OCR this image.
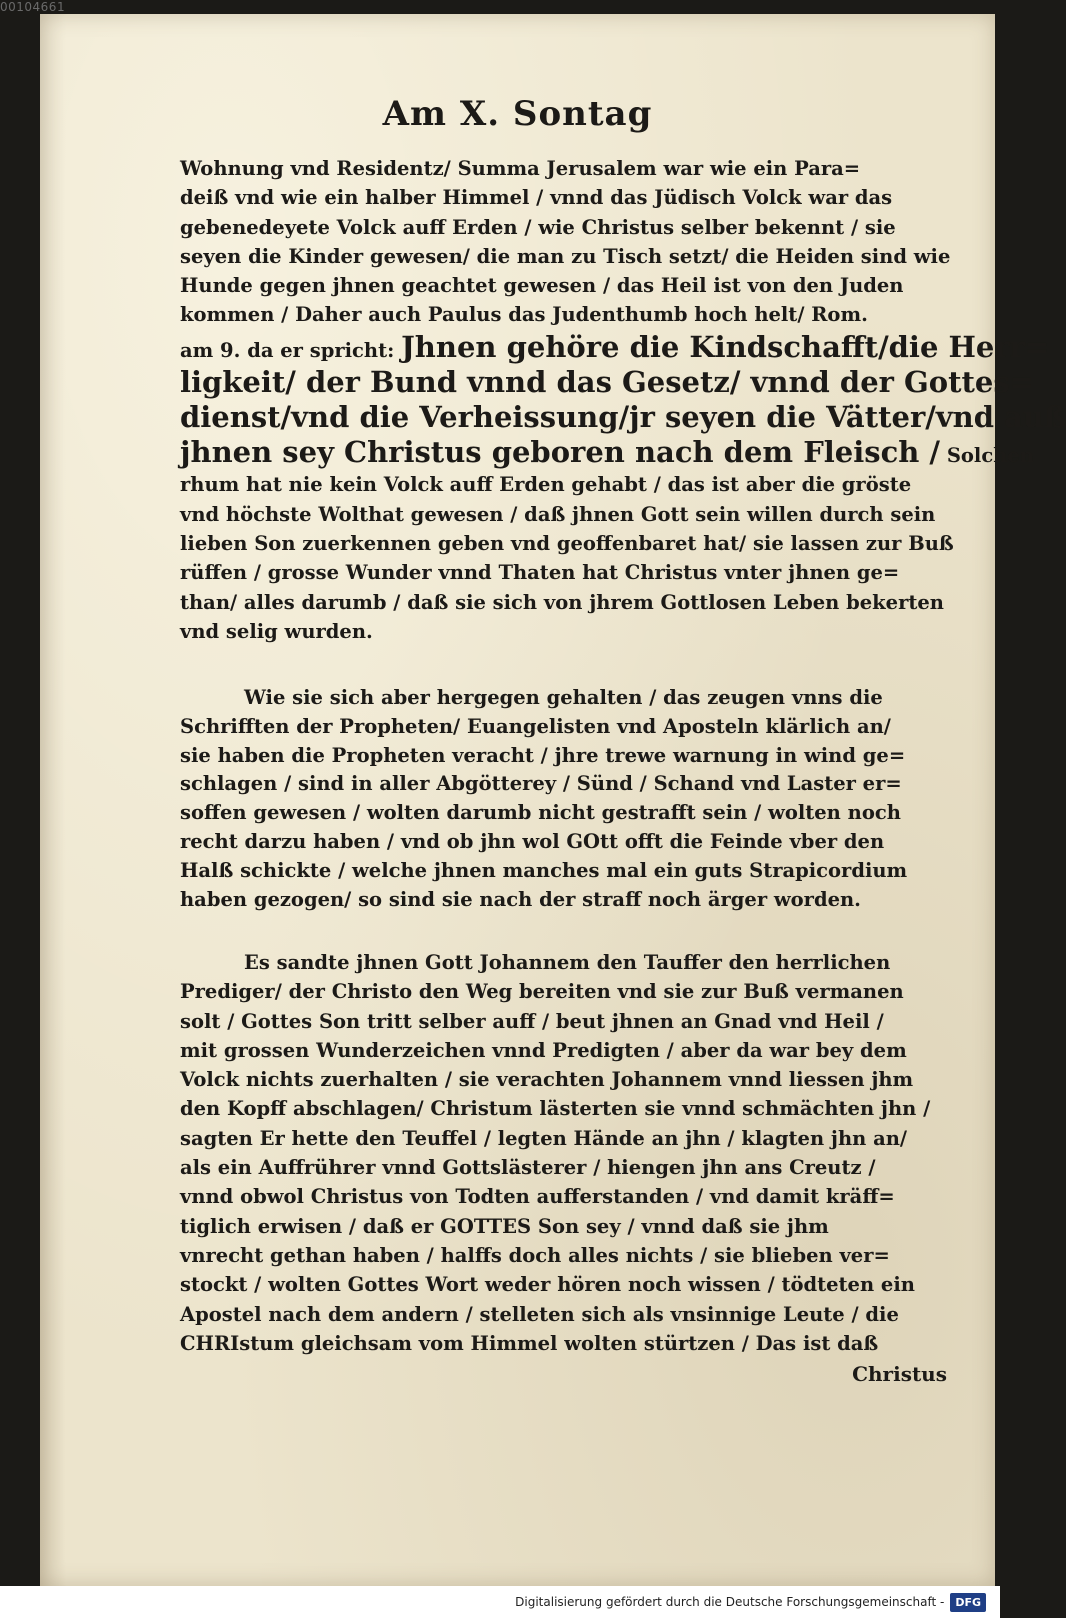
00104661
Am X. Sontag
Wohnung vnd Residentz/ Summa Jerusalem war wie ein Para=
deiß vnd wie ein halber Himmel / vnnd das Jüdisch Volck war das
gebenedeyete Volck auff Erden / wie Christus selber bekennt / sie
seyen die Kinder gewesen/ die man zu Tisch setzt/ die Heiden sind wie
Hunde gegen jhnen geachtet gewesen / das Heil ist von den Juden
kommen / Daher auch Paulus das Judenthumb hoch helt/ Rom.
am 9. da er spricht: Jhnen gehöre die Kindschafft/die Herr=
ligkeit/ der Bund vnnd das Gesetz/ vnnd der Gottes=
dienst/vnd die Verheissung/jr seyen die Vätter/vnd auß
jhnen sey Christus geboren nach dem Fleisch / Solchen
rhum hat nie kein Volck auff Erden gehabt / das ist aber die gröste
vnd höchste Wolthat gewesen / daß jhnen Gott sein willen durch sein
lieben Son zuerkennen geben vnd geoffenbaret hat/ sie lassen zur Buß
rüffen / grosse Wunder vnnd Thaten hat Christus vnter jhnen ge=
than/ alles darumb / daß sie sich von jhrem Gottlosen Leben bekerten
vnd selig wurden.
Wie sie sich aber hergegen gehalten / das zeugen vnns die
Schrifften der Propheten/ Euangelisten vnd Aposteln klärlich an/
sie haben die Propheten veracht / jhre trewe warnung in wind ge=
schlagen / sind in aller Abgötterey / Sünd / Schand vnd Laster er=
soffen gewesen / wolten darumb nicht gestrafft sein / wolten noch
recht darzu haben / vnd ob jhn wol GOtt offt die Feinde vber den
Halß schickte / welche jhnen manches mal ein guts Strapicordium
haben gezogen/ so sind sie nach der straff noch ärger worden.
Es sandte jhnen Gott Johannem den Tauffer den herrlichen
Prediger/ der Christo den Weg bereiten vnd sie zur Buß vermanen
solt / Gottes Son tritt selber auff / beut jhnen an Gnad vnd Heil /
mit grossen Wunderzeichen vnnd Predigten / aber da war bey dem
Volck nichts zuerhalten / sie verachten Johannem vnnd liessen jhm
den Kopff abschlagen/ Christum lästerten sie vnnd schmächten jhn /
sagten Er hette den Teuffel / legten Hände an jhn / klagten jhn an/
als ein Auffrührer vnnd Gottslästerer / hiengen jhn ans Creutz /
vnnd obwol Christus von Todten aufferstanden / vnd damit kräff=
tiglich erwisen / daß er GOTTES Son sey / vnnd daß sie jhm
vnrecht gethan haben / halffs doch alles nichts / sie blieben ver=
stockt / wolten Gottes Wort weder hören noch wissen / tödteten ein
Apostel nach dem andern / stelleten sich als vnsinnige Leute / die
CHRIstum gleichsam vom Himmel wolten stürtzen / Das ist daß
Christus
Digitalisierung gefördert durch die Deutsche Forschungsgemeinschaft -	DFG
